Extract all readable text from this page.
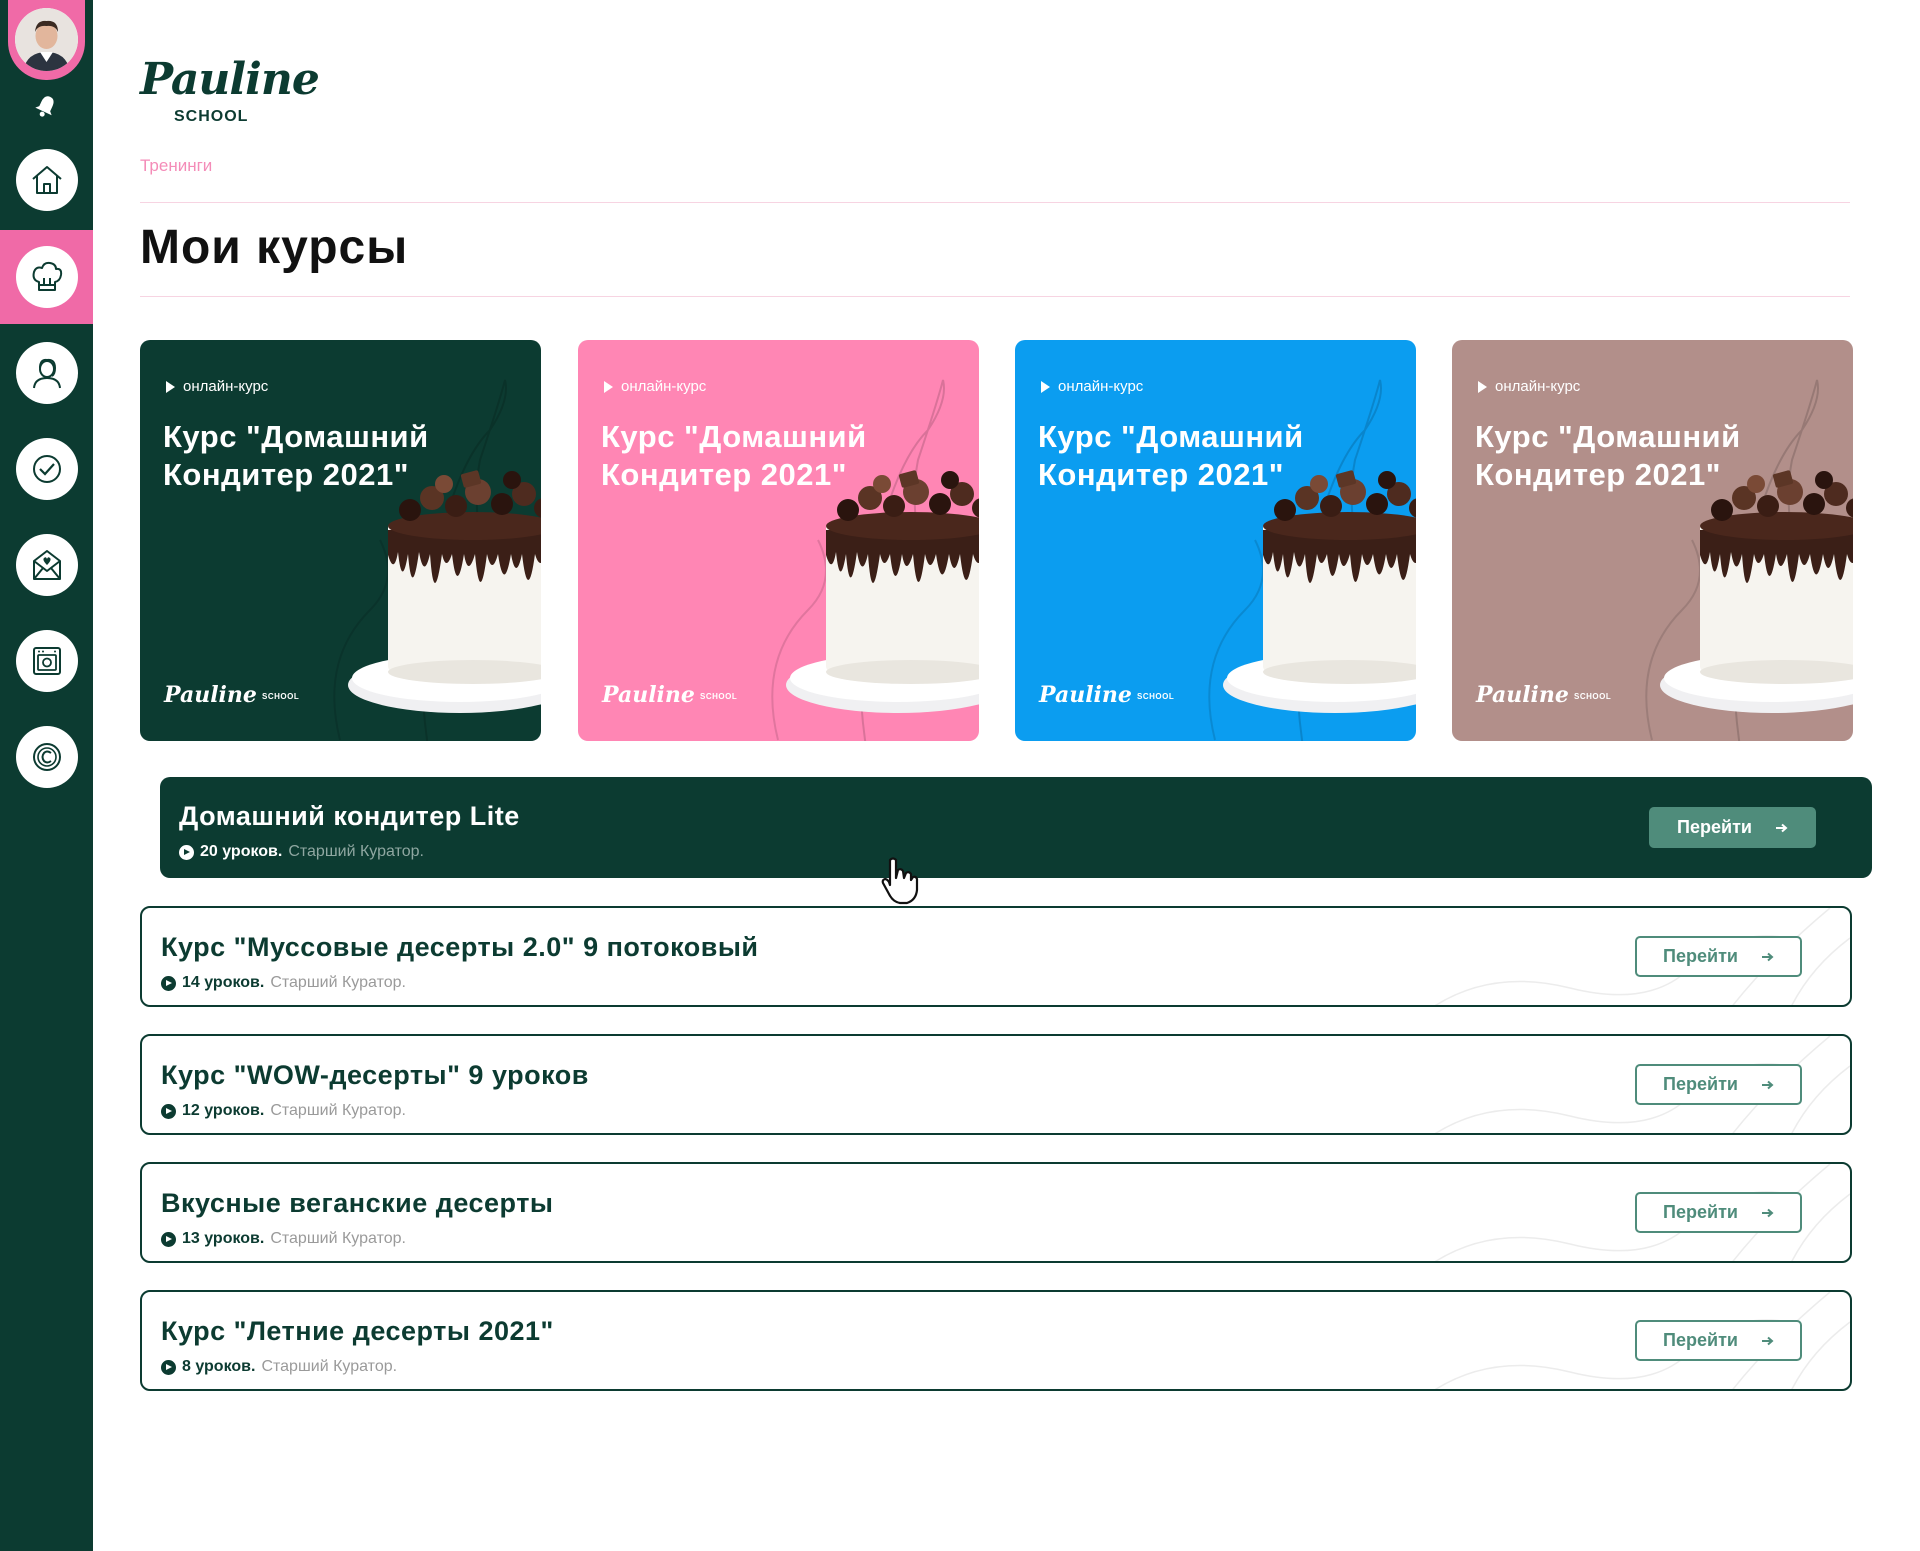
Pauline
SCHOOL
Тренинги
Мои курсы
онлайн-курс
Курс "Домашний Кондитер 2021"
Pauline SCHOOL
онлайн-курс
Курс "Домашний Кондитер 2021"
Pauline SCHOOL
онлайн-курс
Курс "Домашний Кондитер 2021"
Pauline SCHOOL
онлайн-курс
Курс "Домашний Кондитер 2021"
Pauline SCHOOL
Домашний кондитер Lite
20 уроков. Старший Куратор.
Перейти
Курс "Муссовые десерты 2.0" 9 потоковый
14 уроков. Старший Куратор.
Перейти
Курс "WOW-десерты" 9 уроков
12 уроков. Старший Куратор.
Перейти
Вкусные веганские десерты
13 уроков. Старший Куратор.
Перейти
Курс "Летние десерты 2021"
8 уроков. Старший Куратор.
Перейти
